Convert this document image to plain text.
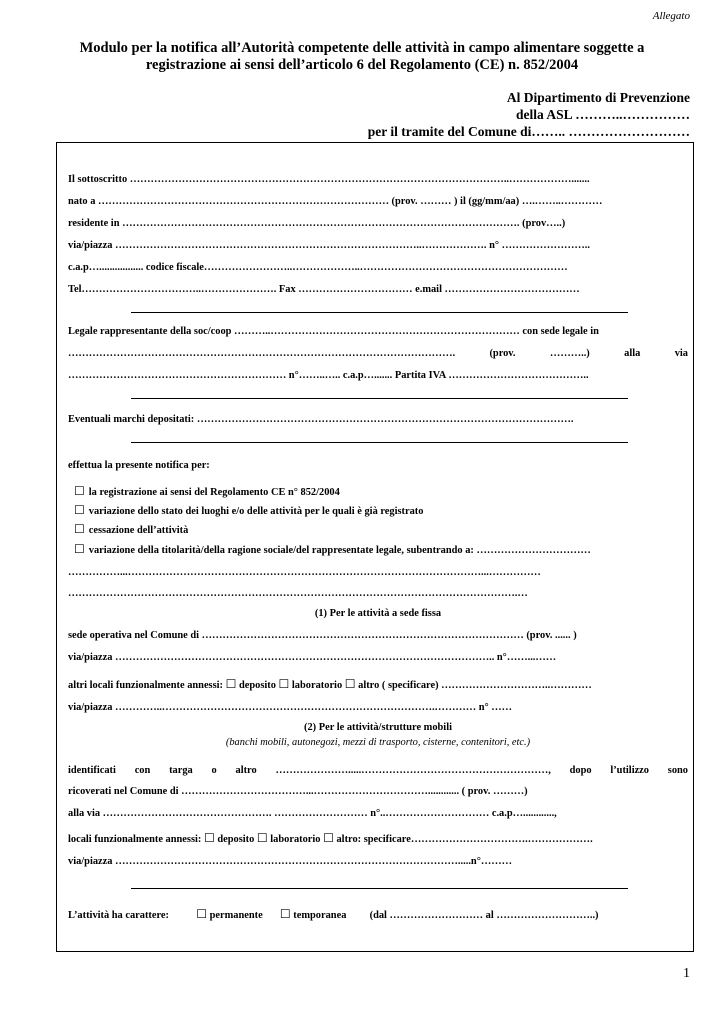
Allegato
Modulo per la notifica all’Autorità competente delle attività in campo alimentare soggette a
registrazione ai sensi dell’articolo 6 del Regolamento (CE) n. 852/2004
Al Dipartimento di Prevenzione
della ASL ………..……………
per il tramite del Comune di…….. ………………………
Il sottoscritto ………………………………………………………………………………………………..……………….......
nato a ………………………………………………………………………… (prov. ……… ) il (gg/mm/aa) ….……..…………
residente in ……………………………………………………………………………………………………. (prov…..)
via/piazza ……………………………………………………………………………..………………. n° ……………………..
c.a.p…................. codice fiscale……………………..………………..……………………………………………………
Tel……………………………..…………………. Fax …………………………… e.mail …………………………………
Legale rappresentante della soc/coop ………..……………………………………………………………… con sede legale in
…………………………………………………………………………………………………. (prov. ………..) alla via
……………………………………………………… n°……..….. c.a.p…....... Partita IVA …………………………………..
Eventuali marchi depositati: ……………………………………………………………………………………………….
effettua la presente notifica per:
☐ la registrazione ai sensi del Regolamento CE n° 852/2004
☐ variazione dello stato dei luoghi e/o delle attività per le quali è già registrato
☐ cessazione dell’attività
☐ variazione della titolarità/della ragione sociale/del rappresentate legale, subentrando a: ……………………………
……………...…………………………………………………………………………………………...……………
………………………………………………………………………………………………………………….…
(1) Per le attività a sede fissa
sede operativa nel Comune di ………………………………………………………………………………… (prov. ...... )
via/piazza ……………………………………………………………………………………………….. n°……...……
altri locali funzionalmente annessi: ☐ deposito ☐ laboratorio ☐ altro ( specificare) …………………………..…………
via/piazza …………..…………………………………………………………………….………… n° ……
(2) Per le attività/strutture mobili
(banchi mobili, autonegozi, mezzi di trasporto, cisterne, contenitori, etc.)
identificati con targa o altro ………………….....………………………………………………, dopo l’utilizzo sono
ricoverati nel Comune di ………………………………...……………………………............ ( prov. ………)
alla via …………………………………………. ……………………… n°..………………………… c.a.p…............,
locali funzionalmente annessi: ☐ deposito ☐ laboratorio ☐ altro: specificare…………………………….……………….
via/piazza ……………………………………………………………………………………….....n°………
L’attività ha carattere: ☐ permanente ☐ temporanea (dal ……………………… al ………………………..)
1
